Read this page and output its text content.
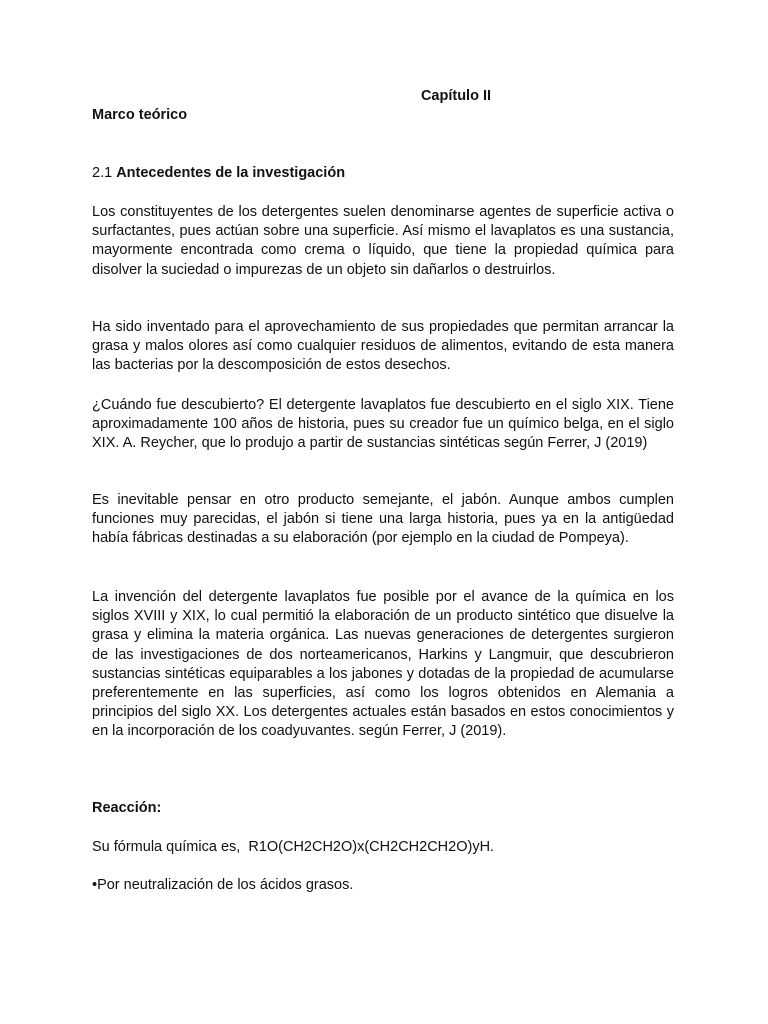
Capítulo II
Marco teórico
2.1 Antecedentes de la investigación

Los constituyentes de los detergentes suelen denominarse agentes de superficie activa o surfactantes, pues actúan sobre una superficie. Así mismo el lavaplatos es una sustancia, mayormente encontrada como crema o líquido, que tiene la propiedad química para disolver la suciedad o impurezas de un objeto sin dañarlos o destruirlos.

Ha sido inventado para el aprovechamiento de sus propiedades que permitan arrancar la grasa y malos olores así como cualquier residuos de alimentos, evitando de esta manera las bacterias por la descomposición de estos desechos.

¿Cuándo fue descubierto? El detergente lavaplatos fue descubierto en el siglo XIX. Tiene aproximadamente 100 años de historia, pues su creador fue un químico belga, en el siglo XIX. A. Reycher, que lo produjo a partir de sustancias sintéticas según Ferrer, J (2019)

Es inevitable pensar en otro producto semejante, el jabón. Aunque ambos cumplen funciones muy parecidas, el jabón si tiene una larga historia, pues ya en la antigüedad había fábricas destinadas a su elaboración (por ejemplo en la ciudad de Pompeya).

La invención del detergente lavaplatos fue posible por el avance de la química en los siglos XVIII y XIX, lo cual permitió la elaboración de un producto sintético que disuelve la grasa y elimina la materia orgánica. Las nuevas generaciones de detergentes surgieron de las investigaciones de dos norteamericanos, Harkins y Langmuir, que descubrieron sustancias sintéticas equiparables a los jabones y dotadas de la propiedad de acumularse preferentemente en las superficies, así como los logros obtenidos en Alemania a principios del siglo XX. Los detergentes actuales están basados en estos conocimientos y en la incorporación de los coadyuvantes. según Ferrer, J (2019).

Reacción:
Su fórmula química es,  R1O(CH2CH2O)x(CH2CH2CH2O)yH.
•Por neutralización de los ácidos grasos.
